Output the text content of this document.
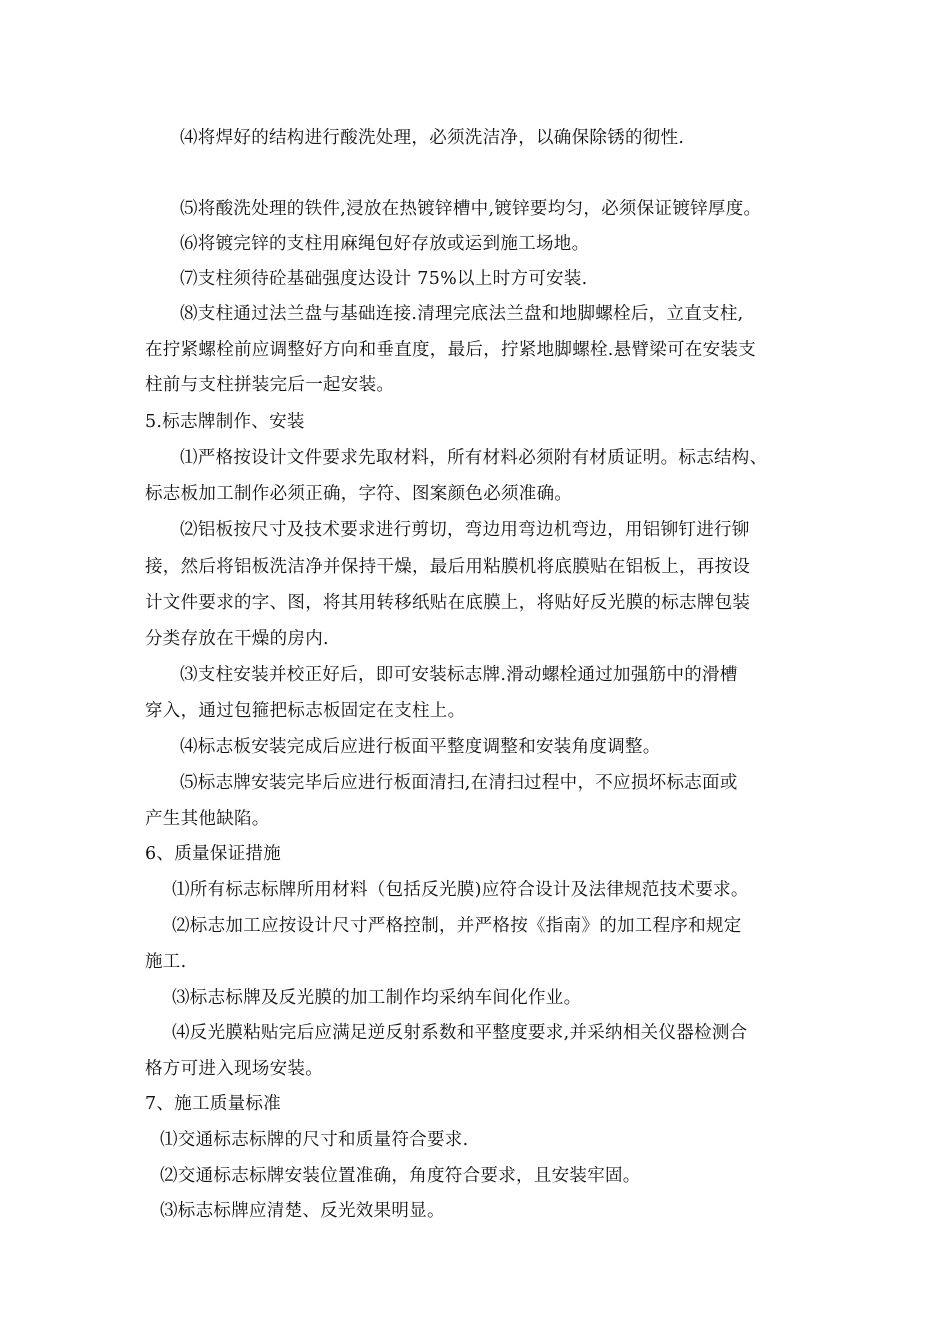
⑷将焊好的结构进行酸洗处理，必须洗洁净，以确保除锈的彻性.

⑸将酸洗处理的铁件,浸放在热镀锌槽中,镀锌要均匀，必须保证镀锌厚度。

⑹将镀完锌的支柱用麻绳包好存放或运到施工场地。

⑺支柱须待砼基础强度达设计 75%以上时方可安装.

⑻支柱通过法兰盘与基础连接.清理完底法兰盘和地脚螺栓后，立直支柱,

在拧紧螺栓前应调整好方向和垂直度，最后，拧紧地脚螺栓.悬臂梁可在安装支

柱前与支柱拼装完后一起安装。

5.标志牌制作、安装

⑴严格按设计文件要求先取材料，所有材料必须附有材质证明。标志结构、

标志板加工制作必须正确，字符、图案颜色必须准确。

⑵铝板按尺寸及技术要求进行剪切，弯边用弯边机弯边，用铝铆钉进行铆

接，然后将铝板洗洁净并保持干燥，最后用粘膜机将底膜贴在铝板上，再按设

计文件要求的字、图，将其用转移纸贴在底膜上，将贴好反光膜的标志牌包装

分类存放在干燥的房内.

⑶支柱安装并校正好后，即可安装标志牌.滑动螺栓通过加强筋中的滑槽

穿入，通过包箍把标志板固定在支柱上。

⑷标志板安装完成后应进行板面平整度调整和安装角度调整。

⑸标志牌安装完毕后应进行板面清扫,在清扫过程中，不应损坏标志面或

产生其他缺陷。

6、质量保证措施

⑴所有标志标牌所用材料（包括反光膜)应符合设计及法律规范技术要求。

⑵标志加工应按设计尺寸严格控制，并严格按《指南》的加工程序和规定

施工.

⑶标志标牌及反光膜的加工制作均采纳车间化作业。

⑷反光膜粘贴完后应满足逆反射系数和平整度要求,并采纳相关仪器检测合

格方可进入现场安装。

7、施工质量标准

⑴交通标志标牌的尺寸和质量符合要求.

⑵交通标志标牌安装位置准确，角度符合要求，且安装牢固。

⑶标志标牌应清楚、反光效果明显。
